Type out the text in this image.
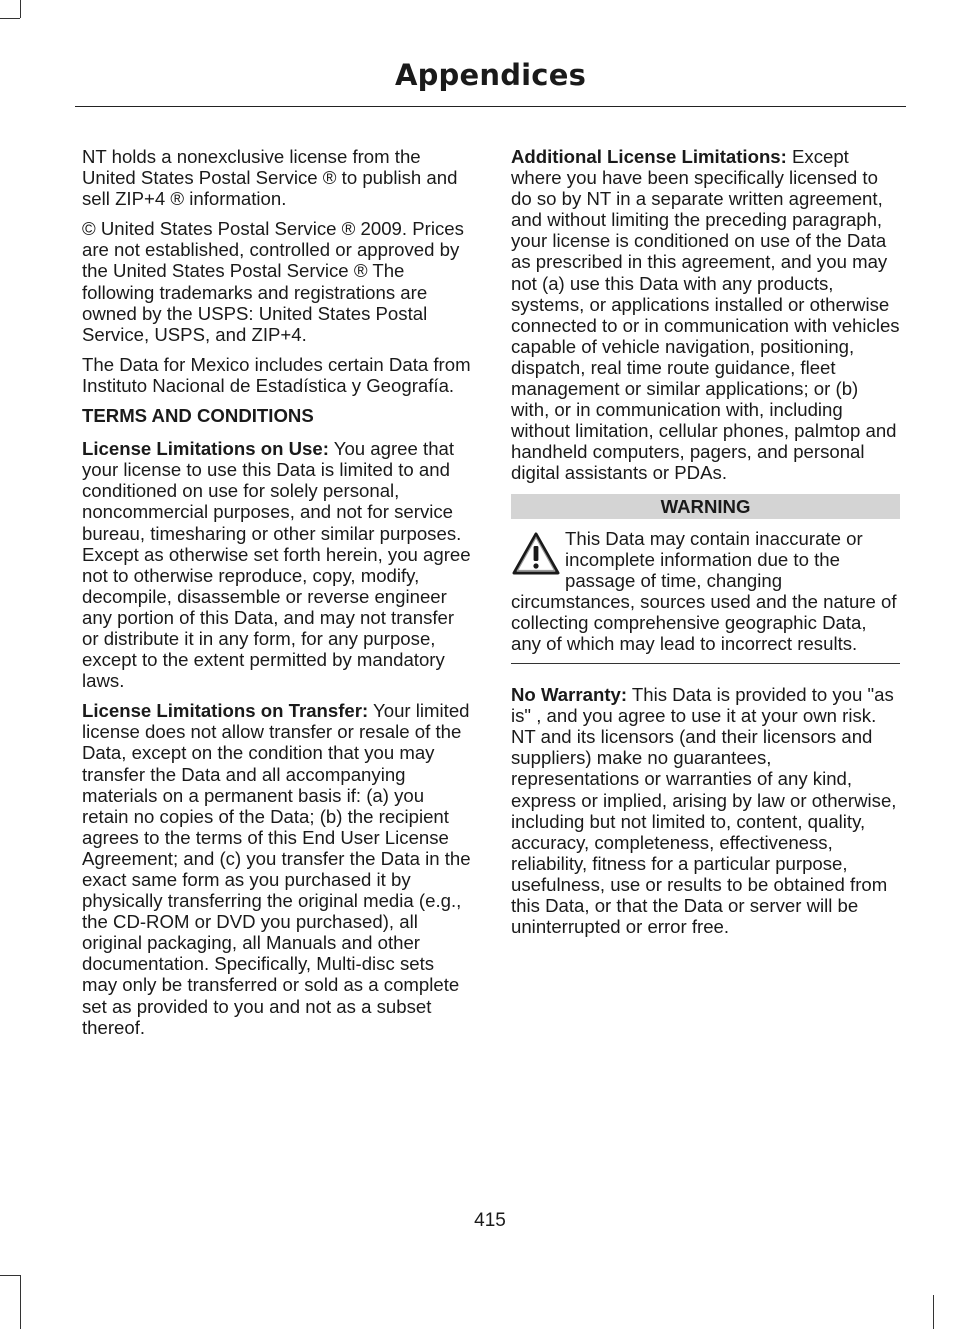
Appendices

NT holds a nonexclusive license from the United States Postal Service ® to publish and sell ZIP+4 ® information.

© United States Postal Service ® 2009. Prices are not established, controlled or approved by the United States Postal Service ® The following trademarks and registrations are owned by the USPS: United States Postal Service, USPS, and ZIP+4.

The Data for Mexico includes certain Data from Instituto Nacional de Estadística y Geografía.

TERMS AND CONDITIONS

License Limitations on Use: You agree that your license to use this Data is limited to and conditioned on use for solely personal, noncommercial purposes, and not for service bureau, timesharing or other similar purposes. Except as otherwise set forth herein, you agree not to otherwise reproduce, copy, modify, decompile, disassemble or reverse engineer any portion of this Data, and may not transfer or distribute it in any form, for any purpose, except to the extent permitted by mandatory laws.

License Limitations on Transfer: Your limited license does not allow transfer or resale of the Data, except on the condition that you may transfer the Data and all accompanying materials on a permanent basis if: (a) you retain no copies of the Data; (b) the recipient agrees to the terms of this End User License Agreement; and (c) you transfer the Data in the exact same form as you purchased it by physically transferring the original media (e.g., the CD-ROM or DVD you purchased), all original packaging, all Manuals and other documentation. Specifically, Multi-disc sets may only be transferred or sold as a complete set as provided to you and not as a subset thereof.

Additional License Limitations: Except where you have been specifically licensed to do so by NT in a separate written agreement, and without limiting the preceding paragraph, your license is conditioned on use of the Data as prescribed in this agreement, and you may not (a) use this Data with any products, systems, or applications installed or otherwise connected to or in communication with vehicles capable of vehicle navigation, positioning, dispatch, real time route guidance, fleet management or similar applications; or (b) with, or in communication with, including without limitation, cellular phones, palmtop and handheld computers, pagers, and personal digital assistants or PDAs.

WARNING
This Data may contain inaccurate or incomplete information due to the passage of time, changing circumstances, sources used and the nature of collecting comprehensive geographic Data, any of which may lead to incorrect results.

No Warranty: This Data is provided to you "as is" , and you agree to use it at your own risk. NT and its licensors (and their licensors and suppliers) make no guarantees, representations or warranties of any kind, express or implied, arising by law or otherwise, including but not limited to, content, quality, accuracy, completeness, effectiveness, reliability, fitness for a particular purpose, usefulness, use or results to be obtained from this Data, or that the Data or server will be uninterrupted or error free.

415
